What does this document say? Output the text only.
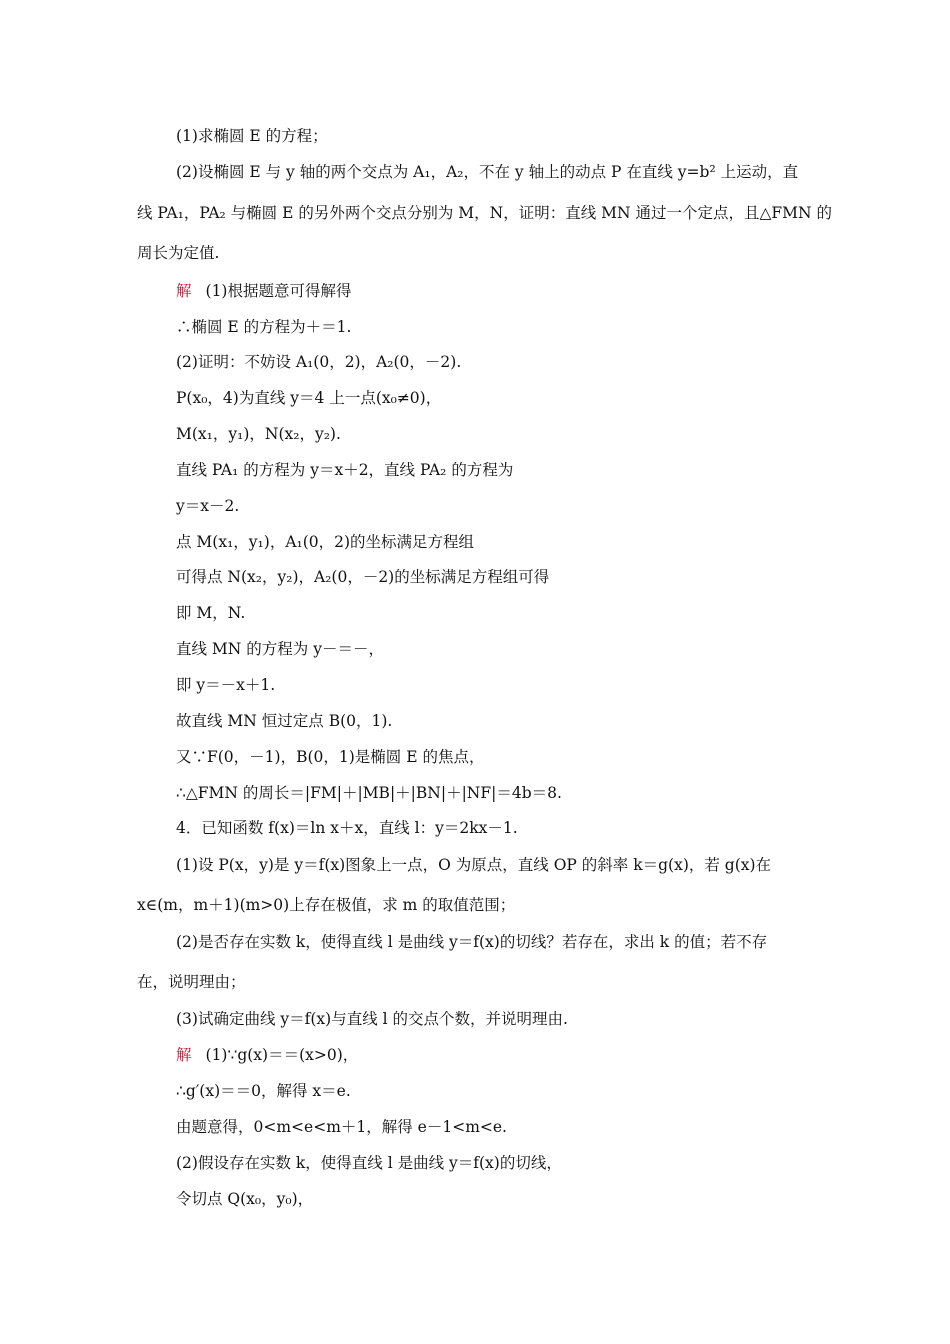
(1)求椭圆 E 的方程；
(2)设椭圆 E 与 y 轴的两个交点为 A₁，A₂，不在 y 轴上的动点 P 在直线 y=b² 上运动，直
线 PA₁，PA₂ 与椭圆 E 的另外两个交点分别为 M，N，证明：直线 MN 通过一个定点，且△FMN 的
周长为定值.
解 (1)根据题意可得解得
∴椭圆 E 的方程为＋＝1.
(2)证明：不妨设 A₁(0，2)，A₂(0，－2).
P(x₀，4)为直线 y＝4 上一点(x₀≠0)，
M(x₁，y₁)，N(x₂，y₂).
直线 PA₁ 的方程为 y＝x＋2，直线 PA₂ 的方程为
y＝x－2.
点 M(x₁，y₁)，A₁(0，2)的坐标满足方程组
可得点 N(x₂，y₂)，A₂(0，－2)的坐标满足方程组可得
即 M，N.
直线 MN 的方程为 y－＝－，
即 y＝－x＋1.
故直线 MN 恒过定点 B(0，1).
又∵F(0，－1)，B(0，1)是椭圆 E 的焦点，
∴△FMN 的周长＝|FM|＋|MB|＋|BN|＋|NF|＝4b＝8.
4．已知函数 f(x)＝ln x＋x，直线 l：y＝2kx－1.
(1)设 P(x，y)是 y＝f(x)图象上一点，O 为原点，直线 OP 的斜率 k＝g(x)，若 g(x)在
x∈(m，m＋1)(m>0)上存在极值，求 m 的取值范围；
(2)是否存在实数 k，使得直线 l 是曲线 y＝f(x)的切线？若存在，求出 k 的值；若不存
在，说明理由；
(3)试确定曲线 y＝f(x)与直线 l 的交点个数，并说明理由.
解 (1)∵g(x)＝＝(x>0)，
∴g′(x)＝＝0，解得 x＝e.
由题意得，0<m<e<m＋1，解得 e－1<m<e.
(2)假设存在实数 k，使得直线 l 是曲线 y＝f(x)的切线，
令切点 Q(x₀，y₀)，
